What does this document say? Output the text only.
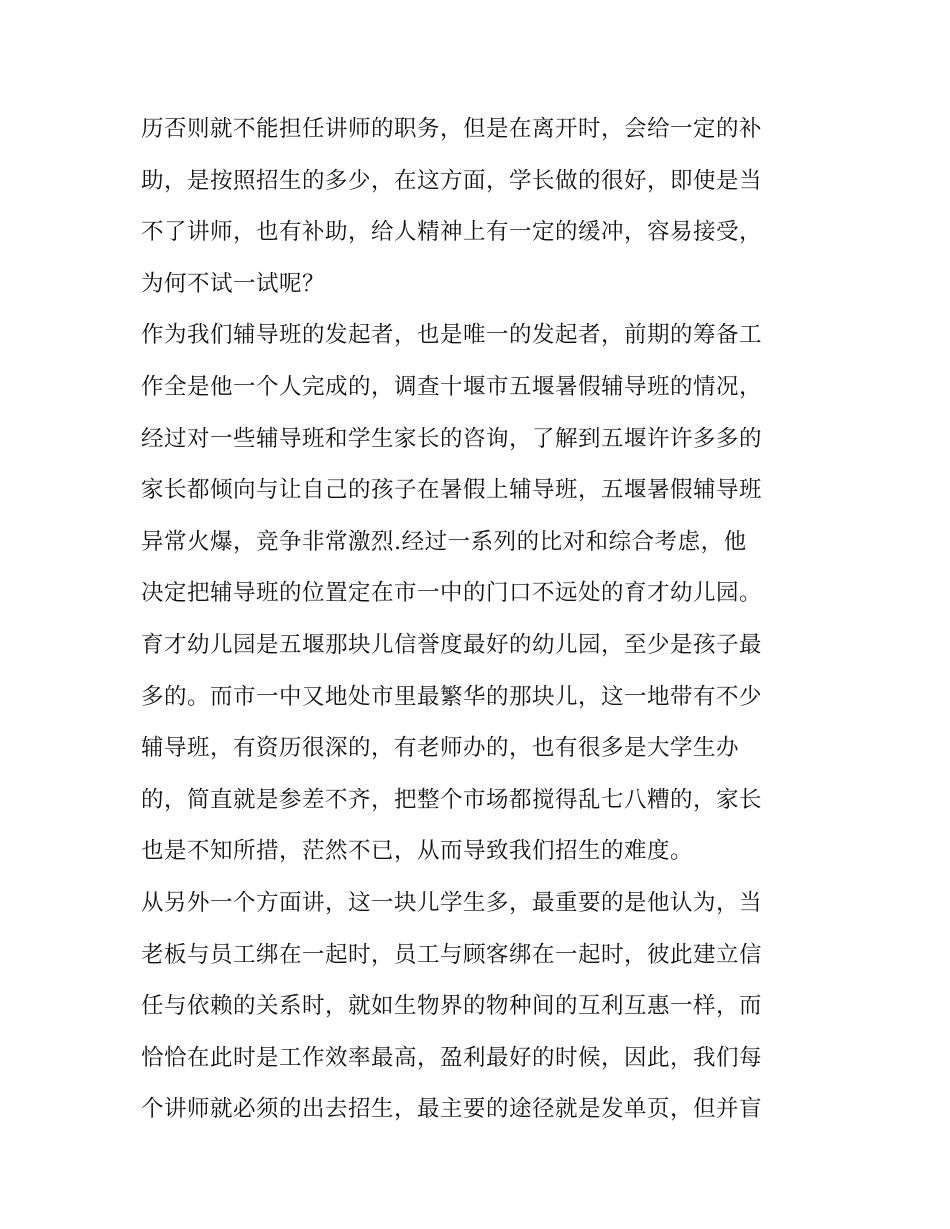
历否则就不能担任讲师的职务，但是在离开时，会给一定的补
助，是按照招生的多少，在这方面，学长做的很好，即使是当
不了讲师，也有补助，给人精神上有一定的缓冲，容易接受，
为何不试一试呢？
作为我们辅导班的发起者，也是唯一的发起者，前期的筹备工
作全是他一个人完成的，调查十堰市五堰暑假辅导班的情况，
经过对一些辅导班和学生家长的咨询，了解到五堰许许多多的
家长都倾向与让自己的孩子在暑假上辅导班，五堰暑假辅导班
异常火爆，竞争非常激烈.经过一系列的比对和综合考虑，他
决定把辅导班的位置定在市一中的门口不远处的育才幼儿园。
育才幼儿园是五堰那块儿信誉度最好的幼儿园，至少是孩子最
多的。而市一中又地处市里最繁华的那块儿，这一地带有不少
辅导班，有资历很深的，有老师办的，也有很多是大学生办
的，简直就是参差不齐，把整个市场都搅得乱七八糟的，家长
也是不知所措，茫然不已，从而导致我们招生的难度。
从另外一个方面讲，这一块儿学生多，最重要的是他认为，当
老板与员工绑在一起时，员工与顾客绑在一起时，彼此建立信
任与依赖的关系时，就如生物界的物种间的互利互惠一样，而
恰恰在此时是工作效率最高，盈利最好的时候，因此，我们每
个讲师就必须的出去招生，最主要的途径就是发单页，但并盲
